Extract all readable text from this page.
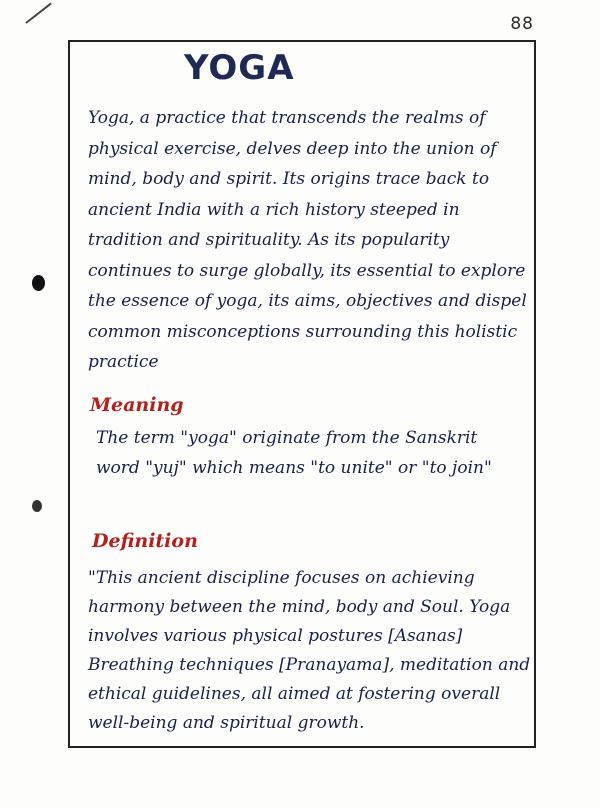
88
YOGA
Yoga, a practice that transcends the realms of physical exercise, delves deep into the union of mind, body and spirit. Its origins trace back to ancient India with a rich history steeped in tradition and spirituality. As its popularity continues to surge globally, its essential to explore the essence of yoga, its aims, objectives and dispel common misconceptions surrounding this holistic practice
Meaning
The term "yoga" originate from the Sanskrit word "yuj" which means "to unite" or "to join"
Definition
"This ancient discipline focuses on achieving harmony between the mind, body and Soul. Yoga involves various physical postures [Asanas] Breathing techniques [Pranayama], meditation and ethical guidelines, all aimed at fostering overall well-being and spiritual growth.
